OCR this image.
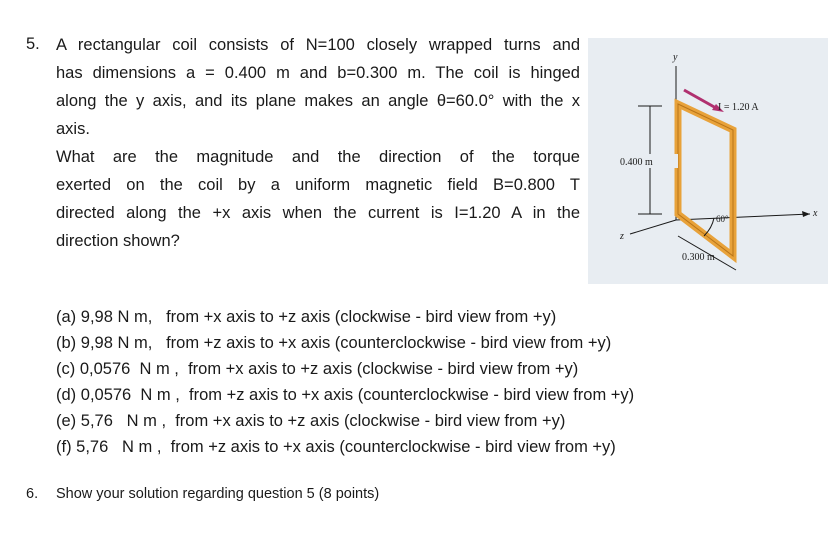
5. A rectangular coil consists of N=100 closely wrapped turns and

has dimensions a = 0.400 m and b=0.300 m. The coil is hinged

along the y axis, and its plane makes an angle θ=60.0° with the x

axis.

What are the magnitude and the direction of the torque

exerted on the coil by a uniform magnetic field B=0.800 T

directed along the +x axis when the current is I=1.20 A in the

direction shown?

y
x
z
I = 1.20 A
0.400 m
60°
0.300 m
(a) 9,98 N m, from +x axis to +z axis (clockwise - bird view from +y)
(b) 9,98 N m, from +z axis to +x axis (counterclockwise - bird view from +y)
(c) 0,0576  N m , from +x axis to +z axis (clockwise - bird view from +y)
(d) 0,0576  N m , from +z axis to +x axis (counterclockwise - bird view from +y)
(e) 5,76   N m , from +x axis to +z axis (clockwise - bird view from +y)
(f) 5,76   N m , from +z axis to +x axis (counterclockwise - bird view from +y)
6. Show your solution regarding question 5 (8 points)
